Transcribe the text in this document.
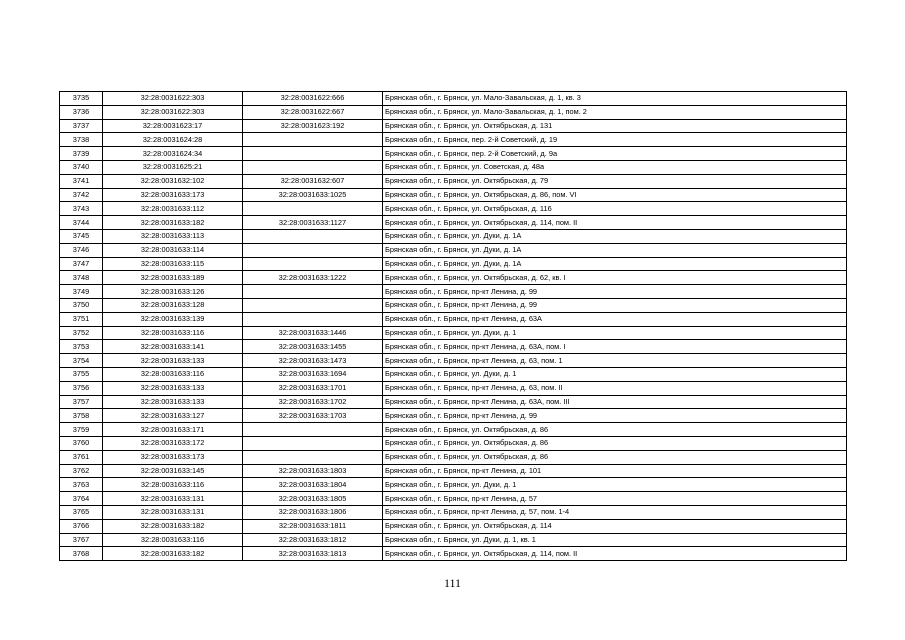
3735	32:28:0031622:303	32:28:0031622:666	Брянская обл., г. Брянск, ул. Мало-Завальская, д. 1, кв. 3
3736	32:28:0031622:303	32:28:0031622:667	Брянская обл., г. Брянск, ул. Мало-Завальская, д. 1, пом. 2
3737	32:28:0031623:17	32:28:0031623:192	Брянская обл., г. Брянск, ул. Октябрьская, д. 131
3738	32:28:0031624:28		Брянская обл., г. Брянск, пер. 2-й Советский, д. 19
3739	32:28:0031624:34		Брянская обл., г. Брянск, пер. 2-й Советский, д. 9а
3740	32:28:0031625:21		Брянская обл., г. Брянск, ул. Советская, д. 48а
3741	32:28:0031632:102	32:28:0031632:607	Брянская обл., г. Брянск, ул. Октябрьская, д. 79
3742	32:28:0031633:173	32:28:0031633:1025	Брянская обл., г. Брянск, ул. Октябрьская, д. 86, пом. VI
3743	32:28:0031633:112		Брянская обл., г. Брянск, ул. Октябрьская, д. 116
3744	32:28:0031633:182	32:28:0031633:1127	Брянская обл., г. Брянск, ул. Октябрьская, д. 114, пом. II
3745	32:28:0031633:113		Брянская обл., г. Брянск, ул. Дуки, д. 1А
3746	32:28:0031633:114		Брянская обл., г. Брянск, ул. Дуки, д. 1А
3747	32:28:0031633:115		Брянская обл., г. Брянск, ул. Дуки, д. 1А
3748	32:28:0031633:189	32:28:0031633:1222	Брянская обл., г. Брянск, ул. Октябрьская, д. 62, кв. I
3749	32:28:0031633:126		Брянская обл., г. Брянск, пр-кт Ленина, д. 99
3750	32:28:0031633:128		Брянская обл., г. Брянск, пр-кт Ленина, д. 99
3751	32:28:0031633:139		Брянская обл., г. Брянск, пр-кт Ленина, д. 63А
3752	32:28:0031633:116	32:28:0031633:1446	Брянская обл., г. Брянск, ул. Дуки, д. 1
3753	32:28:0031633:141	32:28:0031633:1455	Брянская обл., г. Брянск, пр-кт Ленина, д. 63А, пом. I
3754	32:28:0031633:133	32:28:0031633:1473	Брянская обл., г. Брянск, пр-кт Ленина, д. 63, пом. 1
3755	32:28:0031633:116	32:28:0031633:1694	Брянская обл., г. Брянск, ул. Дуки, д. 1
3756	32:28:0031633:133	32:28:0031633:1701	Брянская обл., г. Брянск, пр-кт Ленина, д. 63, пом. II
3757	32:28:0031633:133	32:28:0031633:1702	Брянская обл., г. Брянск, пр-кт Ленина, д. 63А, пом. III
3758	32:28:0031633:127	32:28:0031633:1703	Брянская обл., г. Брянск, пр-кт Ленина, д. 99
3759	32:28:0031633:171		Брянская обл., г. Брянск, ул. Октябрьская, д. 86
3760	32:28:0031633:172		Брянская обл., г. Брянск, ул. Октябрьская, д. 86
3761	32:28:0031633:173		Брянская обл., г. Брянск, ул. Октябрьская, д. 86
3762	32:28:0031633:145	32:28:0031633:1803	Брянская обл., г. Брянск, пр-кт Ленина, д. 101
3763	32:28:0031633:116	32:28:0031633:1804	Брянская обл., г. Брянск, ул. Дуки, д. 1
3764	32:28:0031633:131	32:28:0031633:1805	Брянская обл., г. Брянск, пр-кт Ленина, д. 57
3765	32:28:0031633:131	32:28:0031633:1806	Брянская обл., г. Брянск, пр-кт Ленина, д. 57, пом. 1-4
3766	32:28:0031633:182	32:28:0031633:1811	Брянская обл., г. Брянск, ул. Октябрьская, д. 114
3767	32:28:0031633:116	32:28:0031633:1812	Брянская обл., г. Брянск, ул. Дуки, д. 1, кв. 1
3768	32:28:0031633:182	32:28:0031633:1813	Брянская обл., г. Брянск, ул. Октябрьская, д. 114, пом. II
111
